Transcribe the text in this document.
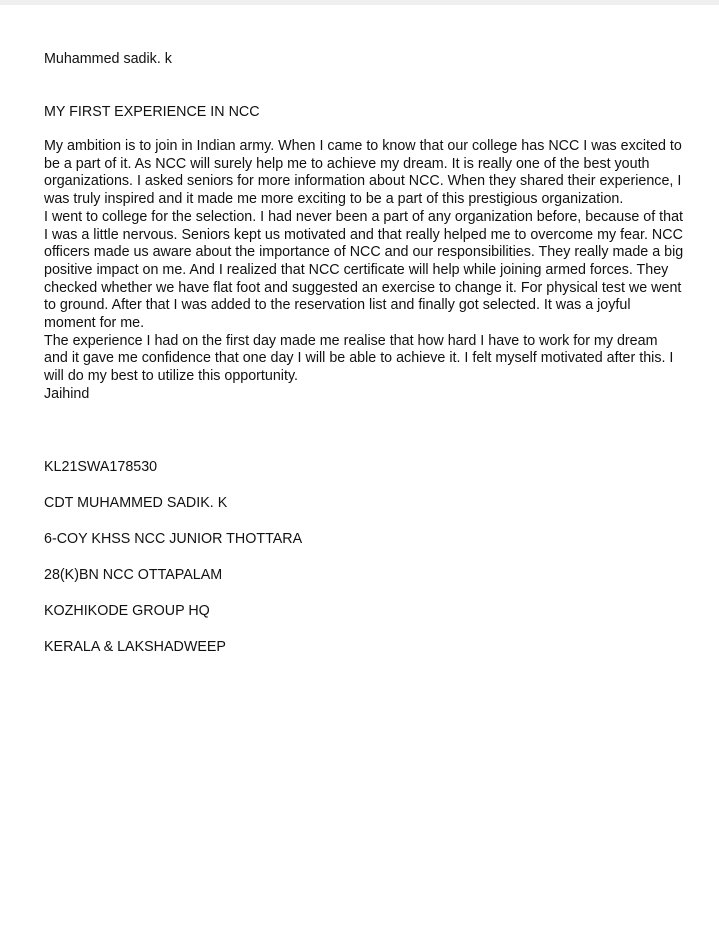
Muhammed sadik. k

MY FIRST EXPERIENCE IN NCC

My ambition is to join in Indian army. When I came to know that our college has NCC I was excited to be a part of it. As NCC will surely help me to achieve my dream. It is really one of the best youth organizations. I asked seniors for more information about NCC. When they shared their experience, I was truly inspired and it made me more exciting to be a part of this prestigious organization.
I went to college for the selection. I had never been a part of any organization before, because of that I was a little nervous. Seniors kept us motivated and that really helped me to overcome my fear. NCC officers made us aware about the importance of NCC and our responsibilities. They really made a big positive impact on me. And I realized that NCC certificate will help while joining armed forces. They checked whether we have flat foot and suggested an exercise to change it. For physical test we went to ground. After that I was added to the reservation list and finally got selected. It was a joyful moment for me.
The experience I had on the first day made me realise that how hard I have to work for my dream and it gave me confidence that one day I will be able to achieve it. I felt myself motivated after this. I will do my best to utilize this opportunity.
Jaihind
KL21SWA178530
CDT MUHAMMED SADIK. K
6-COY KHSS NCC JUNIOR THOTTARA
28(K)BN NCC OTTAPALAM
KOZHIKODE GROUP HQ
KERALA & LAKSHADWEEP
